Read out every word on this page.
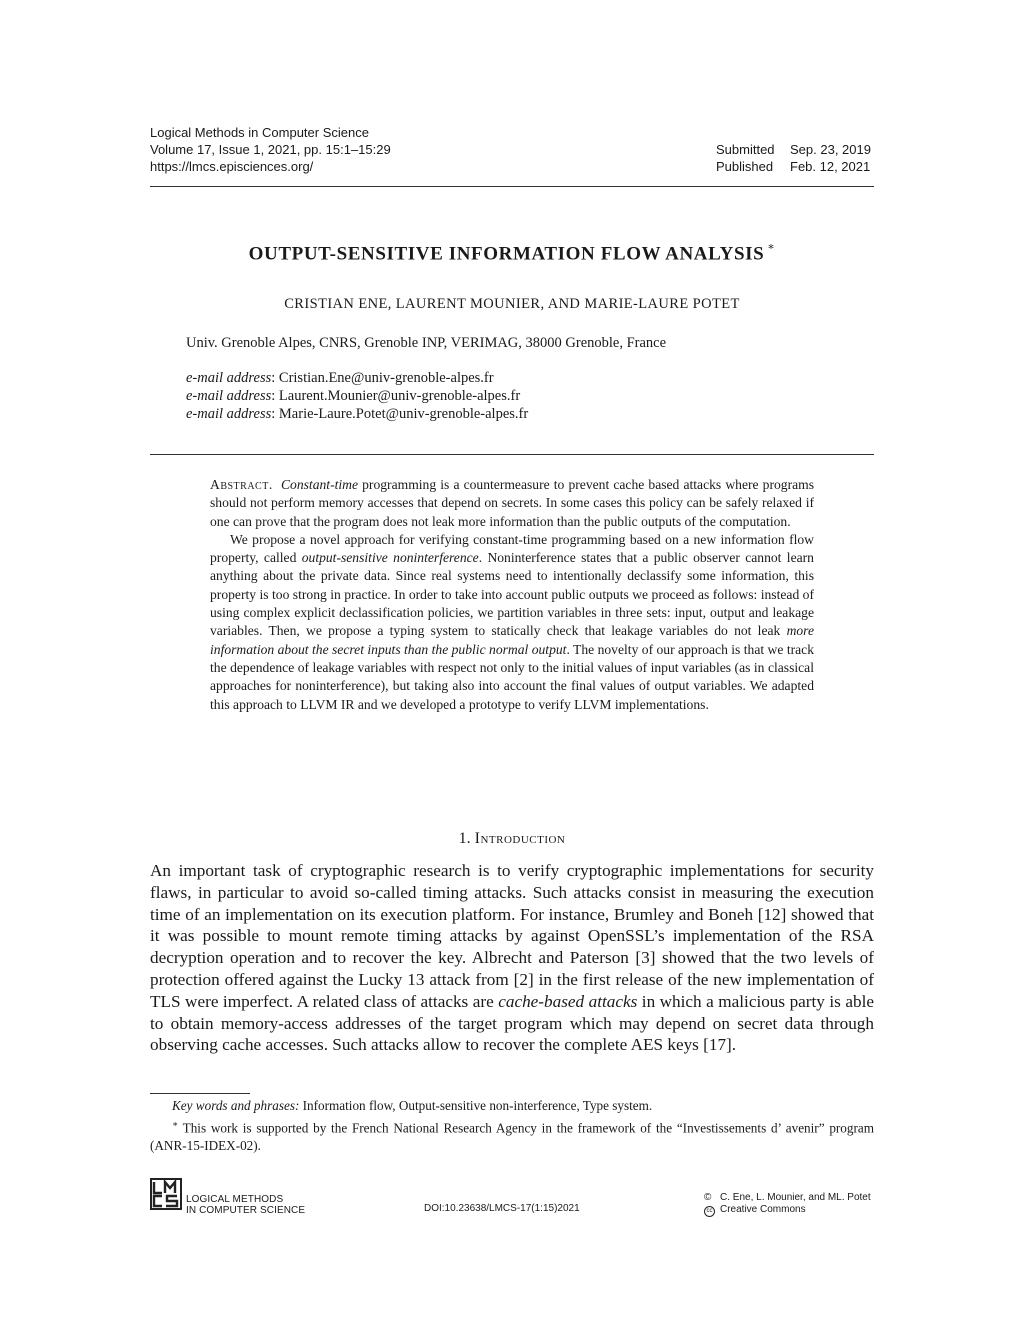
Logical Methods in Computer Science
Volume 17, Issue 1, 2021, pp. 15:1–15:29
https://lmcs.episciences.org/
Submitted	Sep. 23, 2019
Published	Feb. 12, 2021
OUTPUT-SENSITIVE INFORMATION FLOW ANALYSIS ∗
CRISTIAN ENE, LAURENT MOUNIER, AND MARIE-LAURE POTET
Univ. Grenoble Alpes, CNRS, Grenoble INP, VERIMAG, 38000 Grenoble, France
e-mail address: Cristian.Ene@univ-grenoble-alpes.fr
e-mail address: Laurent.Mounier@univ-grenoble-alpes.fr
e-mail address: Marie-Laure.Potet@univ-grenoble-alpes.fr

Abstract. Constant-time programming is a countermeasure to prevent cache based attacks where programs should not perform memory accesses that depend on secrets. In some cases this policy can be safely relaxed if one can prove that the program does not leak more information than the public outputs of the computation.

We propose a novel approach for verifying constant-time programming based on a new information flow property, called output-sensitive noninterference. Noninterference states that a public observer cannot learn anything about the private data. Since real systems need to intentionally declassify some information, this property is too strong in practice. In order to take into account public outputs we proceed as follows: instead of using complex explicit declassification policies, we partition variables in three sets: input, output and leakage variables. Then, we propose a typing system to statically check that leakage variables do not leak more information about the secret inputs than the public normal output. The novelty of our approach is that we track the dependence of leakage variables with respect not only to the initial values of input variables (as in classical approaches for noninterference), but taking also into account the final values of output variables. We adapted this approach to LLVM IR and we developed a prototype to verify LLVM implementations.

1. Introduction

An important task of cryptographic research is to verify cryptographic implementations for security flaws, in particular to avoid so-called timing attacks. Such attacks consist in measuring the execution time of an implementation on its execution platform. For instance, Brumley and Boneh [12] showed that it was possible to mount remote timing attacks by against OpenSSL’s implementation of the RSA decryption operation and to recover the key. Albrecht and Paterson [3] showed that the two levels of protection offered against the Lucky 13 attack from [2] in the first release of the new implementation of TLS were imperfect. A related class of attacks are cache-based attacks in which a malicious party is able to obtain memory-access addresses of the target program which may depend on secret data through observing cache accesses. Such attacks allow to recover the complete AES keys [17].

Key words and phrases: Information flow, Output-sensitive non-interference, Type system.

∗ This work is supported by the French National Research Agency in the framework of the “Investissements d’ avenir” program (ANR-15-IDEX-02).

LOGICAL METHODS
IN COMPUTER SCIENCE	DOI:10.23638/LMCS-17(1:15)2021
© C. Ene, L. Mounier, and ML. Potet
cc Creative Commons
